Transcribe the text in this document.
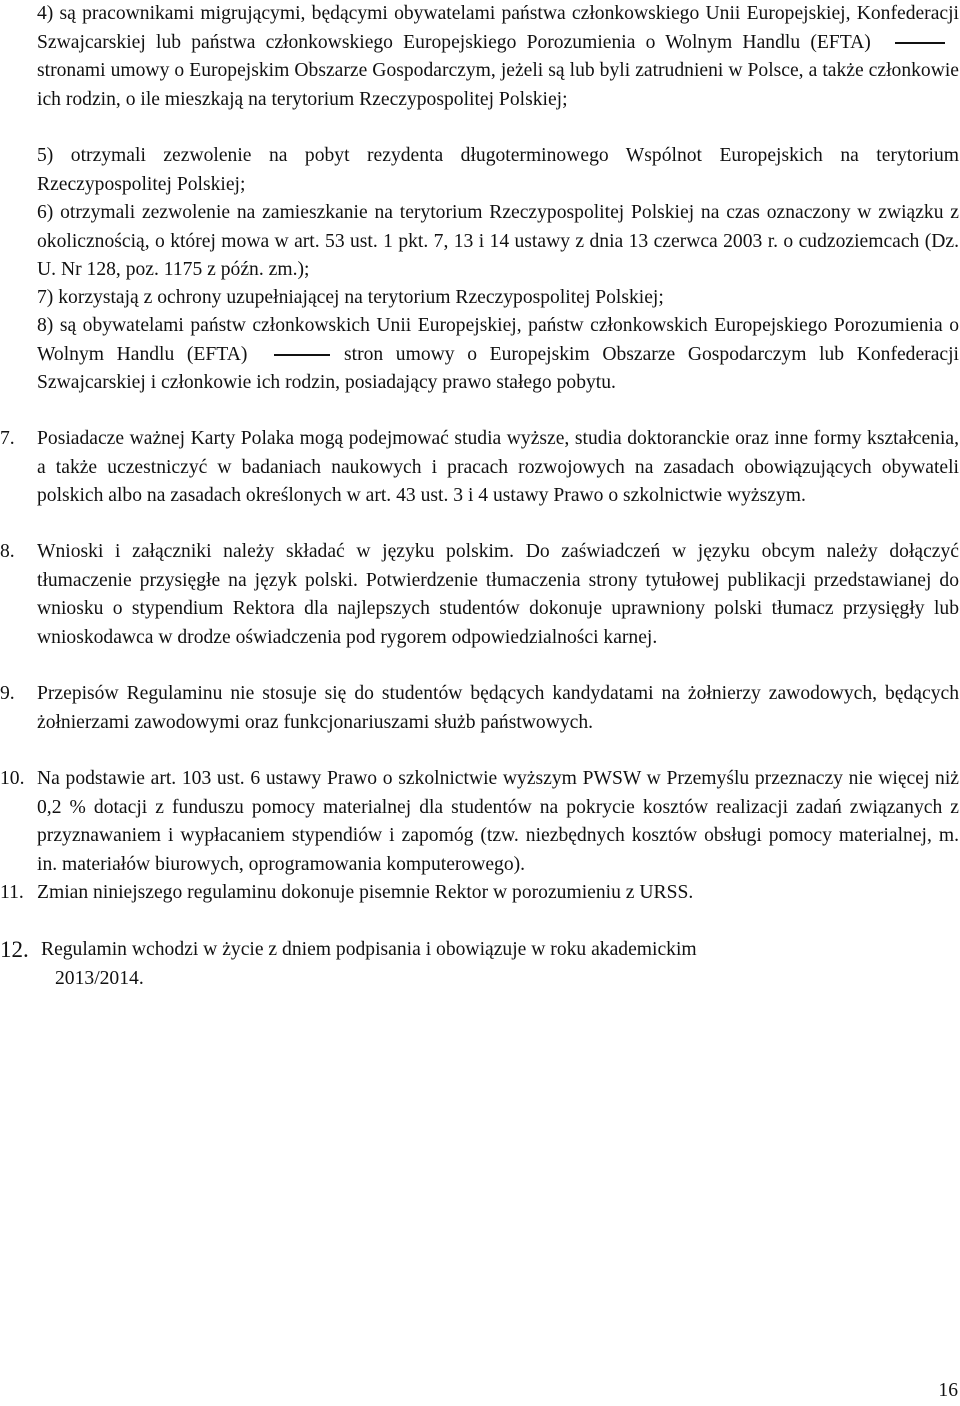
4) są pracownikami migrującymi, będącymi obywatelami państwa członkowskiego Unii Europejskiej, Konfederacji Szwajcarskiej lub państwa członkowskiego Europejskiego Porozumienia o Wolnym Handlu (EFTA) stronami umowy o Europejskim Obszarze Gospodarczym, jeżeli są lub byli zatrudnieni w Polsce, a także członkowie ich rodzin, o ile mieszkają na terytorium Rzeczypospolitej Polskiej;
5) otrzymali zezwolenie na pobyt rezydenta długoterminowego Wspólnot Europejskich na terytorium Rzeczypospolitej Polskiej;
6) otrzymali zezwolenie na zamieszkanie na terytorium Rzeczypospolitej Polskiej na czas oznaczony w związku z okolicznością, o której mowa w art. 53 ust. 1 pkt. 7, 13 i 14 ustawy z dnia 13 czerwca 2003 r. o cudzoziemcach (Dz. U. Nr 128, poz. 1175 z późn. zm.);
7) korzystają z ochrony uzupełniającej na terytorium Rzeczypospolitej Polskiej;
8) są obywatelami państw członkowskich Unii Europejskiej, państw członkowskich Europejskiego Porozumienia o Wolnym Handlu (EFTA)	stron umowy o Europejskim Obszarze Gospodarczym lub Konfederacji Szwajcarskiej i członkowie ich rodzin, posiadający prawo stałego pobytu.
7.	Posiadacze ważnej Karty Polaka mogą podejmować studia wyższe, studia doktoranckie oraz inne formy kształcenia, a także uczestniczyć w badaniach naukowych i pracach rozwojowych na zasadach obowiązujących obywateli polskich albo na zasadach określonych w art. 43 ust. 3 i 4 ustawy Prawo o szkolnictwie wyższym.
8.	Wnioski i załączniki należy składać w języku polskim. Do zaświadczeń w języku obcym należy dołączyć tłumaczenie przysięgłe na język polski. Potwierdzenie tłumaczenia strony tytułowej publikacji przedstawianej do wniosku o stypendium Rektora dla najlepszych studentów dokonuje uprawniony polski tłumacz przysięgły lub wnioskodawca w drodze oświadczenia pod rygorem odpowiedzialności karnej.
9.	Przepisów Regulaminu nie stosuje się do studentów będących kandydatami na żołnierzy zawodowych, będących żołnierzami zawodowymi oraz funkcjonariuszami służb państwowych.
10. Na podstawie art. 103 ust. 6 ustawy Prawo o szkolnictwie wyższym PWSW w Przemyślu przeznaczy nie więcej niż 0,2 % dotacji z funduszu pomocy materialnej dla studentów na pokrycie kosztów realizacji zadań związanych z przyznawaniem i wypłacaniem stypendiów i zapomóg (tzw. niezbędnych kosztów obsługi pomocy materialnej, m. in. materiałów biurowych, oprogramowania komputerowego).
11. Zmian niniejszego regulaminu dokonuje pisemnie Rektor w porozumieniu z URSS.
12. Regulamin wchodzi w życie z dniem podpisania i obowiązuje w roku akademickim
2013/2014.
16
